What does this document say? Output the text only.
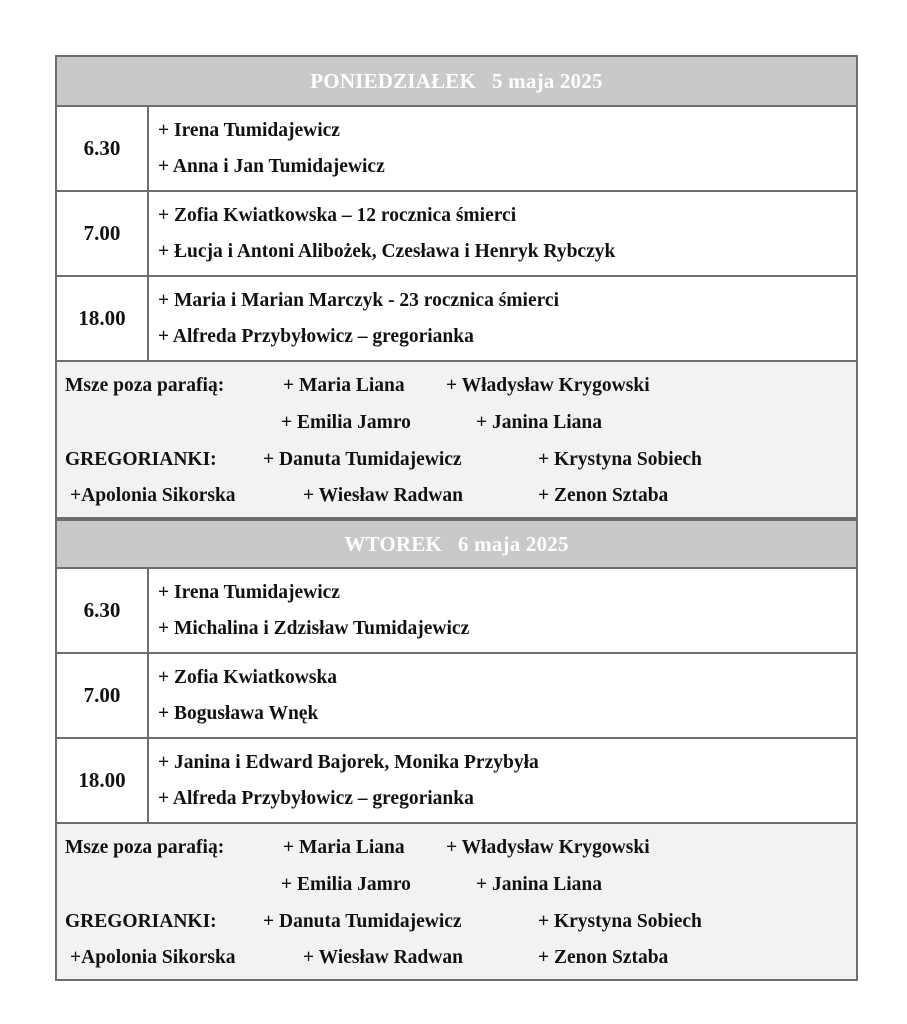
PONIEDZIAŁEK 5 maja 2025
6.30
+ Irena Tumidajewicz
+ Anna i Jan Tumidajewicz
7.00
+ Zofia Kwiatkowska – 12 rocznica śmierci
+ Łucja i Antoni Alibożek, Czesława i Henryk Rybczyk
18.00
+ Maria i Marian Marczyk - 23 rocznica śmierci
+ Alfreda Przybyłowicz – gregorianka
Msze poza parafią:	+ Maria Liana + Władysław Krygowski
+ Emilia Jamro	+ Janina Liana
GREGORIANKI: + Danuta Tumidajewicz	+ Krystyna Sobiech
+Apolonia Sikorska	+ Wiesław Radwan	+ Zenon Sztaba
WTOREK 6 maja 2025
6.30
+ Irena Tumidajewicz
+ Michalina i Zdzisław Tumidajewicz
7.00
+ Zofia Kwiatkowska
+ Bogusława Wnęk
18.00
+ Janina i Edward Bajorek, Monika Przybyła
+ Alfreda Przybyłowicz – gregorianka
Msze poza parafią:	+ Maria Liana + Władysław Krygowski
+ Emilia Jamro	+ Janina Liana
GREGORIANKI: + Danuta Tumidajewicz	+ Krystyna Sobiech
+Apolonia Sikorska	+ Wiesław Radwan	+ Zenon Sztaba
